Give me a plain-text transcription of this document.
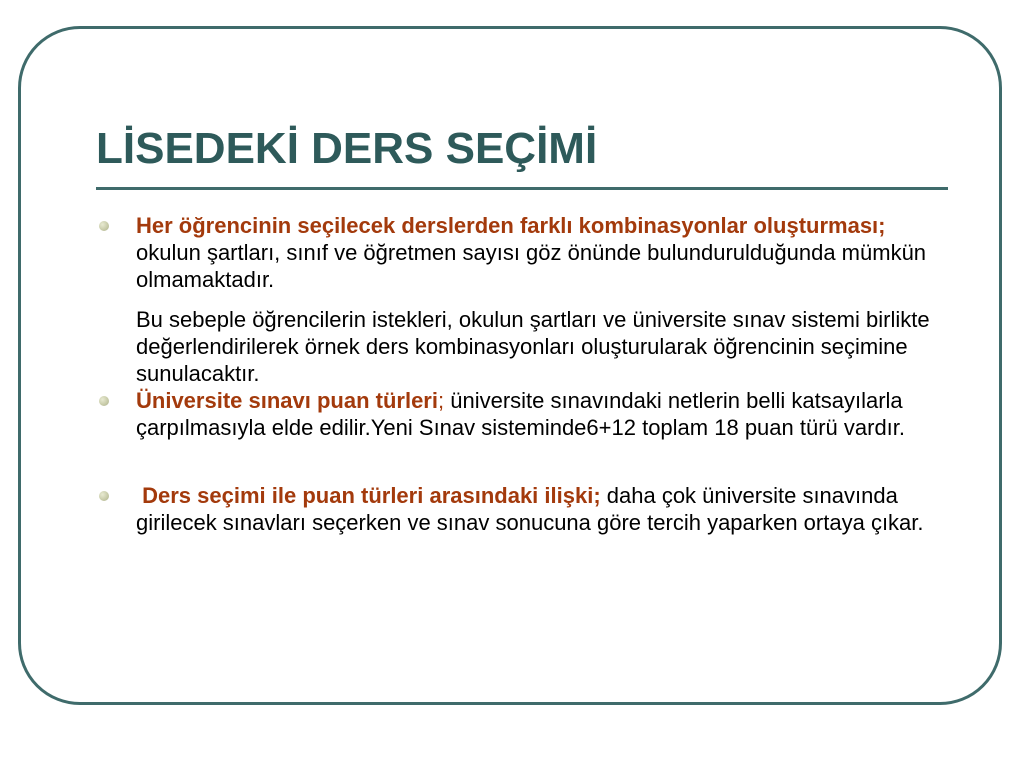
LİSEDEKİ DERS SEÇİMİ

Her öğrencinin seçilecek derslerden farklı kombinasyonlar oluşturması; okulun şartları, sınıf ve öğretmen sayısı göz önünde bulundurulduğunda mümkün olmamaktadır.

Bu sebeple öğrencilerin istekleri, okulun şartları ve üniversite sınav sistemi birlikte değerlendirilerek örnek ders kombinasyonları oluşturularak öğrencinin seçimine sunulacaktır.

Üniversite sınavı puan türleri; üniversite sınavındaki netlerin belli katsayılarla çarpılmasıyla elde edilir.Yeni Sınav sisteminde6+12 toplam 18 puan türü vardır.

Ders seçimi ile puan türleri arasındaki ilişki; daha çok üniversite sınavında girilecek sınavları seçerken ve sınav sonucuna göre tercih yaparken ortaya çıkar.
